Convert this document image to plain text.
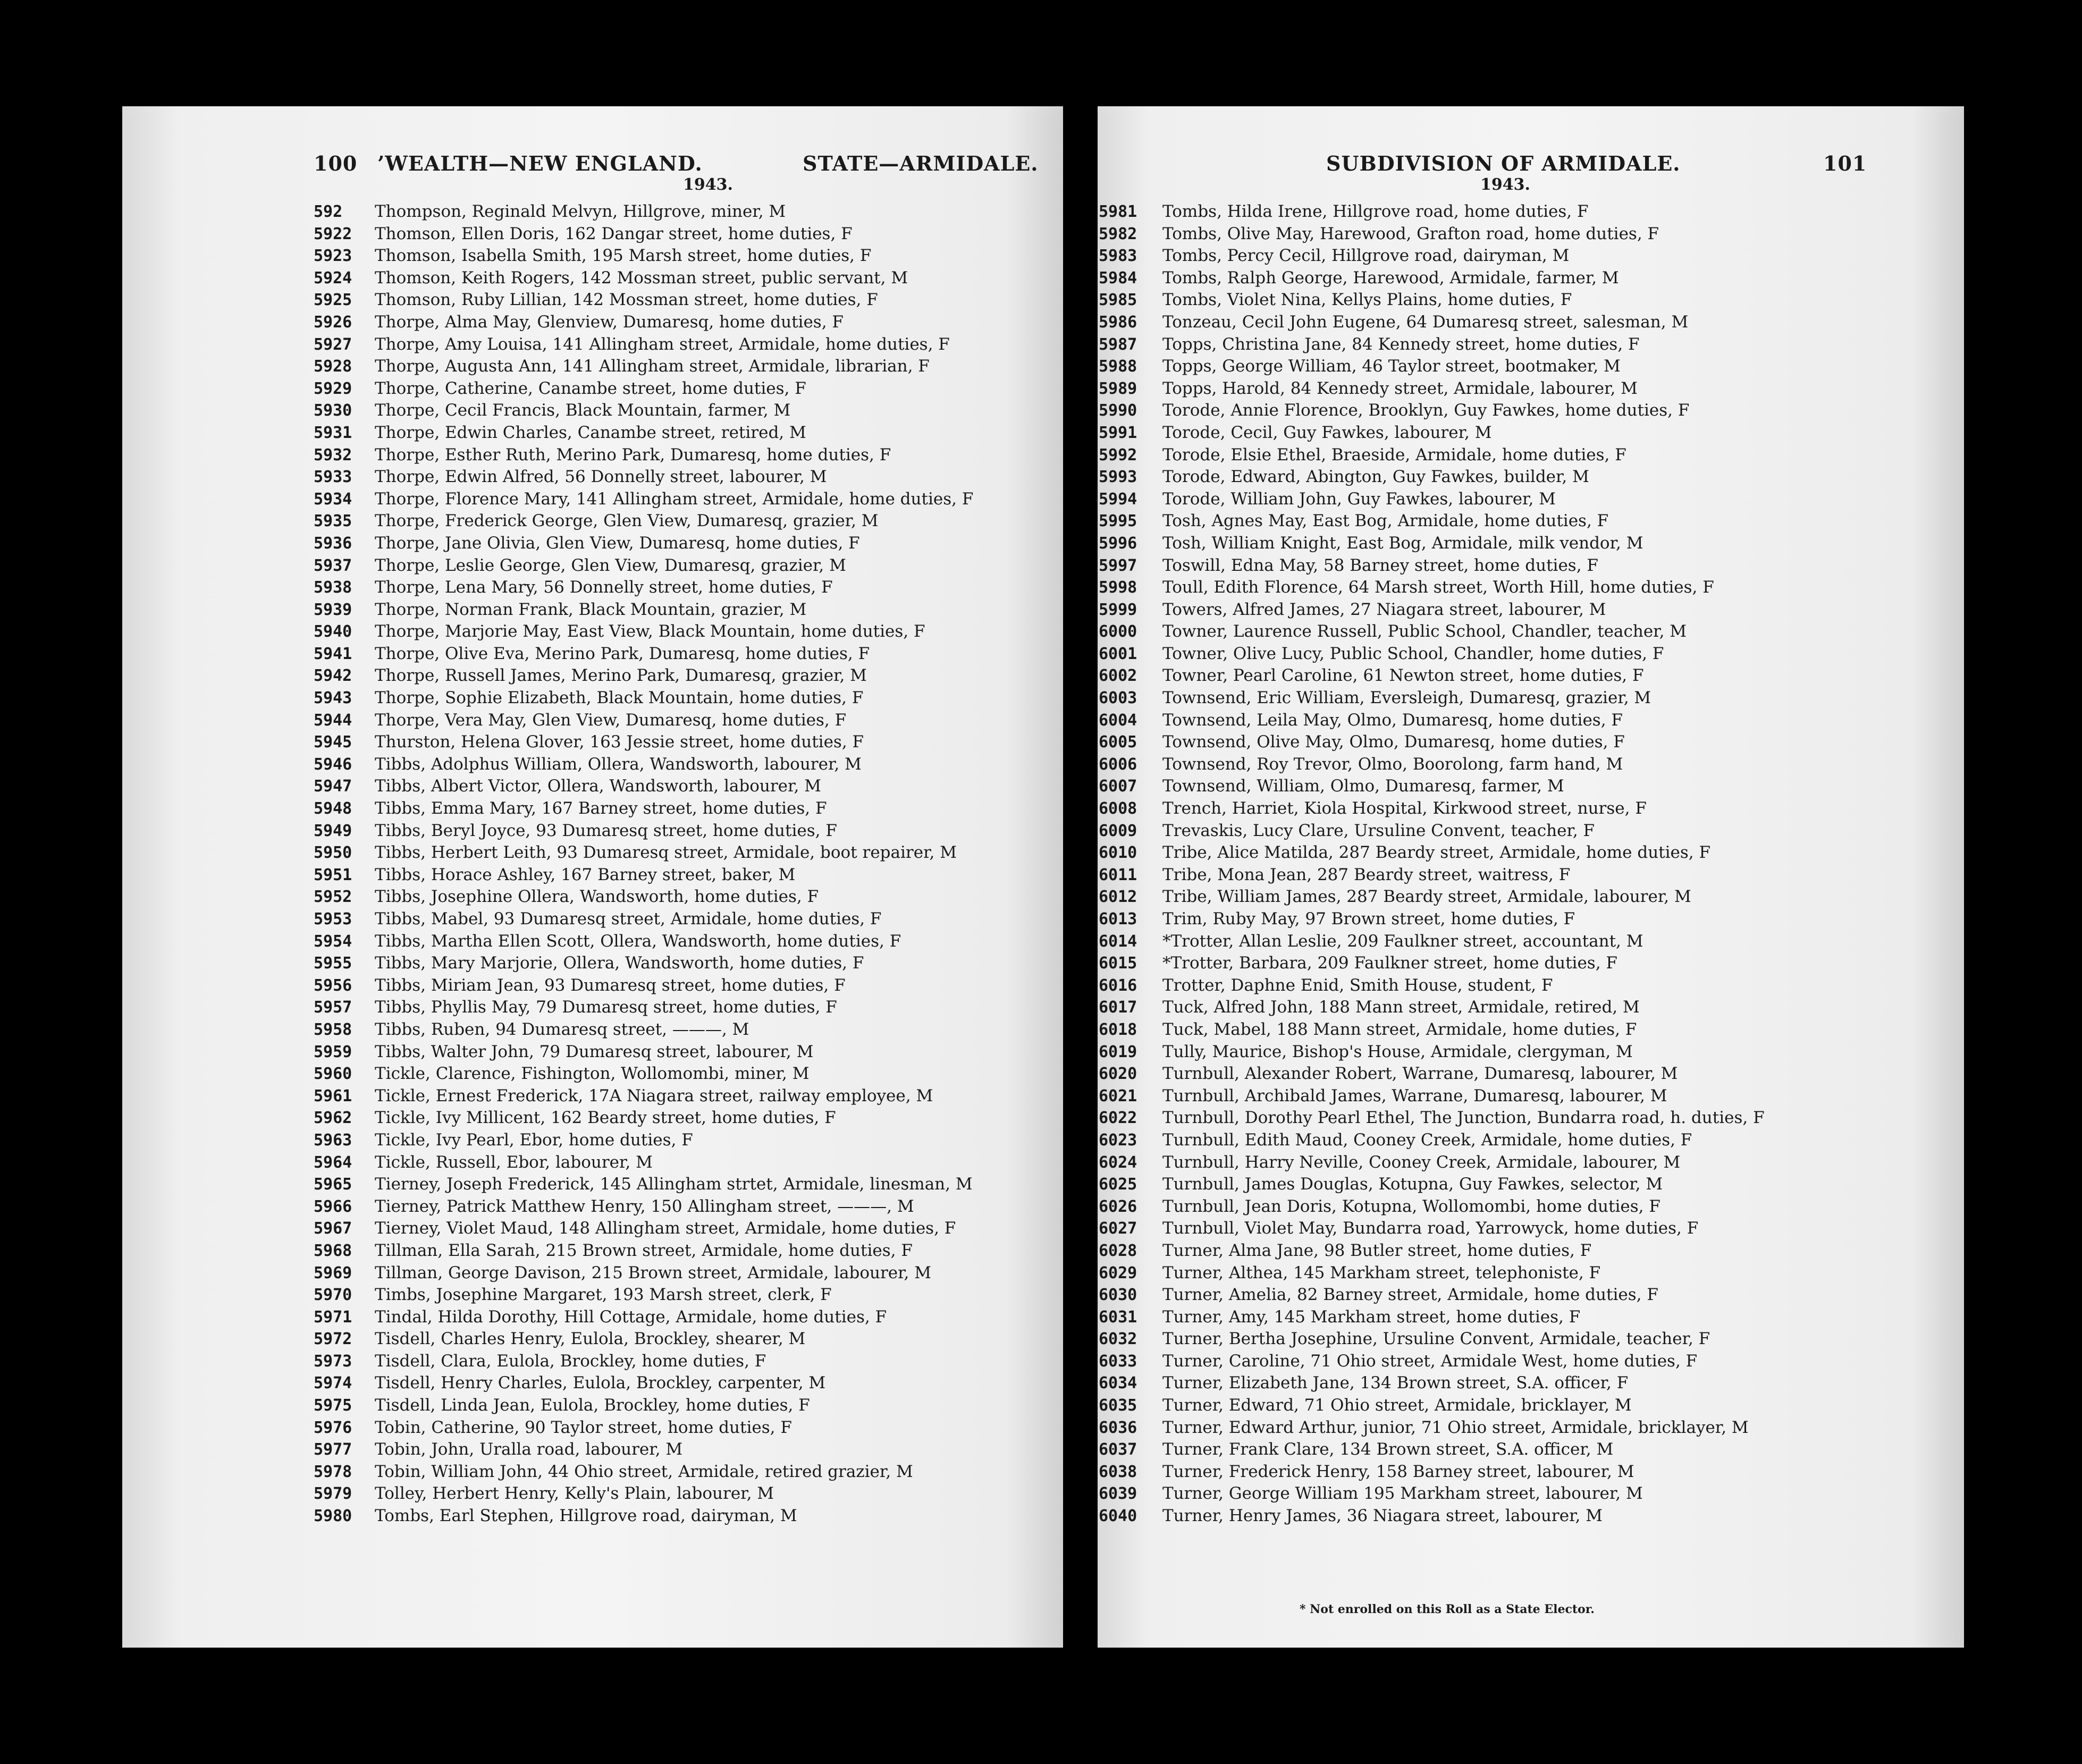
100 ’WEALTH—NEW ENGLAND.	STATE—ARMIDALE.
1943.
592 Thompson, Reginald Melvyn, Hillgrove, miner, M
5922 Thomson, Ellen Doris, 162 Dangar street, home duties, F
5923 Thomson, Isabella Smith, 195 Marsh street, home duties, F
5924 Thomson, Keith Rogers, 142 Mossman street, public servant, M
5925 Thomson, Ruby Lillian, 142 Mossman street, home duties, F
5926 Thorpe, Alma May, Glenview, Dumaresq, home duties, F
5927 Thorpe, Amy Louisa, 141 Allingham street, Armidale, home duties, F
5928 Thorpe, Augusta Ann, 141 Allingham street, Armidale, librarian, F
5929 Thorpe, Catherine, Canambe street, home duties, F
5930 Thorpe, Cecil Francis, Black Mountain, farmer, M
5931 Thorpe, Edwin Charles, Canambe street, retired, M
5932 Thorpe, Esther Ruth, Merino Park, Dumaresq, home duties, F
5933 Thorpe, Edwin Alfred, 56 Donnelly street, labourer, M
5934 Thorpe, Florence Mary, 141 Allingham street, Armidale, home duties, F
5935 Thorpe, Frederick George, Glen View, Dumaresq, grazier, M
5936 Thorpe, Jane Olivia, Glen View, Dumaresq, home duties, F
5937 Thorpe, Leslie George, Glen View, Dumaresq, grazier, M
5938 Thorpe, Lena Mary, 56 Donnelly street, home duties, F
5939 Thorpe, Norman Frank, Black Mountain, grazier, M
5940 Thorpe, Marjorie May, East View, Black Mountain, home duties, F
5941 Thorpe, Olive Eva, Merino Park, Dumaresq, home duties, F
5942 Thorpe, Russell James, Merino Park, Dumaresq, grazier, M
5943 Thorpe, Sophie Elizabeth, Black Mountain, home duties, F
5944 Thorpe, Vera May, Glen View, Dumaresq, home duties, F
5945 Thurston, Helena Glover, 163 Jessie street, home duties, F
5946 Tibbs, Adolphus William, Ollera, Wandsworth, labourer, M
5947 Tibbs, Albert Victor, Ollera, Wandsworth, labourer, M
5948 Tibbs, Emma Mary, 167 Barney street, home duties, F
5949 Tibbs, Beryl Joyce, 93 Dumaresq street, home duties, F
5950 Tibbs, Herbert Leith, 93 Dumaresq street, Armidale, boot repairer, M
5951 Tibbs, Horace Ashley, 167 Barney street, baker, M
5952 Tibbs, Josephine Ollera, Wandsworth, home duties, F
5953 Tibbs, Mabel, 93 Dumaresq street, Armidale, home duties, F
5954 Tibbs, Martha Ellen Scott, Ollera, Wandsworth, home duties, F
5955 Tibbs, Mary Marjorie, Ollera, Wandsworth, home duties, F
5956 Tibbs, Miriam Jean, 93 Dumaresq street, home duties, F
5957 Tibbs, Phyllis May, 79 Dumaresq street, home duties, F
5958 Tibbs, Ruben, 94 Dumaresq street, ———, M
5959 Tibbs, Walter John, 79 Dumaresq street, labourer, M
5960 Tickle, Clarence, Fishington, Wollomombi, miner, M
5961 Tickle, Ernest Frederick, 17A Niagara street, railway employee, M
5962 Tickle, Ivy Millicent, 162 Beardy street, home duties, F
5963 Tickle, Ivy Pearl, Ebor, home duties, F
5964 Tickle, Russell, Ebor, labourer, M
5965 Tierney, Joseph Frederick, 145 Allingham strtet, Armidale, linesman, M
5966 Tierney, Patrick Matthew Henry, 150 Allingham street, ———, M
5967 Tierney, Violet Maud, 148 Allingham street, Armidale, home duties, F
5968 Tillman, Ella Sarah, 215 Brown street, Armidale, home duties, F
5969 Tillman, George Davison, 215 Brown street, Armidale, labourer, M
5970 Timbs, Josephine Margaret, 193 Marsh street, clerk, F
5971 Tindal, Hilda Dorothy, Hill Cottage, Armidale, home duties, F
5972 Tisdell, Charles Henry, Eulola, Brockley, shearer, M
5973 Tisdell, Clara, Eulola, Brockley, home duties, F
5974 Tisdell, Henry Charles, Eulola, Brockley, carpenter, M
5975 Tisdell, Linda Jean, Eulola, Brockley, home duties, F
5976 Tobin, Catherine, 90 Taylor street, home duties, F
5977 Tobin, John, Uralla road, labourer, M
5978 Tobin, William John, 44 Ohio street, Armidale, retired grazier, M
5979 Tolley, Herbert Henry, Kelly's Plain, labourer, M
5980 Tombs, Earl Stephen, Hillgrove road, dairyman, M
SUBDIVISION OF ARMIDALE.	101
1943.
5981 Tombs, Hilda Irene, Hillgrove road, home duties, F
5982 Tombs, Olive May, Harewood, Grafton road, home duties, F
5983 Tombs, Percy Cecil, Hillgrove road, dairyman, M
5984 Tombs, Ralph George, Harewood, Armidale, farmer, M
5985 Tombs, Violet Nina, Kellys Plains, home duties, F
5986 Tonzeau, Cecil John Eugene, 64 Dumaresq street, salesman, M
5987 Topps, Christina Jane, 84 Kennedy street, home duties, F
5988 Topps, George William, 46 Taylor street, bootmaker, M
5989 Topps, Harold, 84 Kennedy street, Armidale, labourer, M
5990 Torode, Annie Florence, Brooklyn, Guy Fawkes, home duties, F
5991 Torode, Cecil, Guy Fawkes, labourer, M
5992 Torode, Elsie Ethel, Braeside, Armidale, home duties, F
5993 Torode, Edward, Abington, Guy Fawkes, builder, M
5994 Torode, William John, Guy Fawkes, labourer, M
5995 Tosh, Agnes May, East Bog, Armidale, home duties, F
5996 Tosh, William Knight, East Bog, Armidale, milk vendor, M
5997 Toswill, Edna May, 58 Barney street, home duties, F
5998 Toull, Edith Florence, 64 Marsh street, Worth Hill, home duties, F
5999 Towers, Alfred James, 27 Niagara street, labourer, M
6000 Towner, Laurence Russell, Public School, Chandler, teacher, M
6001 Towner, Olive Lucy, Public School, Chandler, home duties, F
6002 Towner, Pearl Caroline, 61 Newton street, home duties, F
6003 Townsend, Eric William, Eversleigh, Dumaresq, grazier, M
6004 Townsend, Leila May, Olmo, Dumaresq, home duties, F
6005 Townsend, Olive May, Olmo, Dumaresq, home duties, F
6006 Townsend, Roy Trevor, Olmo, Boorolong, farm hand, M
6007 Townsend, William, Olmo, Dumaresq, farmer, M
6008 Trench, Harriet, Kiola Hospital, Kirkwood street, nurse, F
6009 Trevaskis, Lucy Clare, Ursuline Convent, teacher, F
6010 Tribe, Alice Matilda, 287 Beardy street, Armidale, home duties, F
6011 Tribe, Mona Jean, 287 Beardy street, waitress, F
6012 Tribe, William James, 287 Beardy street, Armidale, labourer, M
6013 Trim, Ruby May, 97 Brown street, home duties, F
6014 *Trotter, Allan Leslie, 209 Faulkner street, accountant, M
6015 *Trotter, Barbara, 209 Faulkner street, home duties, F
6016 Trotter, Daphne Enid, Smith House, student, F
6017 Tuck, Alfred John, 188 Mann street, Armidale, retired, M
6018 Tuck, Mabel, 188 Mann street, Armidale, home duties, F
6019 Tully, Maurice, Bishop's House, Armidale, clergyman, M
6020 Turnbull, Alexander Robert, Warrane, Dumaresq, labourer, M
6021 Turnbull, Archibald James, Warrane, Dumaresq, labourer, M
6022 Turnbull, Dorothy Pearl Ethel, The Junction, Bundarra road, h. duties, F
6023 Turnbull, Edith Maud, Cooney Creek, Armidale, home duties, F
6024 Turnbull, Harry Neville, Cooney Creek, Armidale, labourer, M
6025 Turnbull, James Douglas, Kotupna, Guy Fawkes, selector, M
6026 Turnbull, Jean Doris, Kotupna, Wollomombi, home duties, F
6027 Turnbull, Violet May, Bundarra road, Yarrowyck, home duties, F
6028 Turner, Alma Jane, 98 Butler street, home duties, F
6029 Turner, Althea, 145 Markham street, telephoniste, F
6030 Turner, Amelia, 82 Barney street, Armidale, home duties, F
6031 Turner, Amy, 145 Markham street, home duties, F
6032 Turner, Bertha Josephine, Ursuline Convent, Armidale, teacher, F
6033 Turner, Caroline, 71 Ohio street, Armidale West, home duties, F
6034 Turner, Elizabeth Jane, 134 Brown street, S.A. officer, F
6035 Turner, Edward, 71 Ohio street, Armidale, bricklayer, M
6036 Turner, Edward Arthur, junior, 71 Ohio street, Armidale, bricklayer, M
6037 Turner, Frank Clare, 134 Brown street, S.A. officer, M
6038 Turner, Frederick Henry, 158 Barney street, labourer, M
6039 Turner, George William 195 Markham street, labourer, M
6040 Turner, Henry James, 36 Niagara street, labourer, M
* Not enrolled on this Roll as a State Elector.
